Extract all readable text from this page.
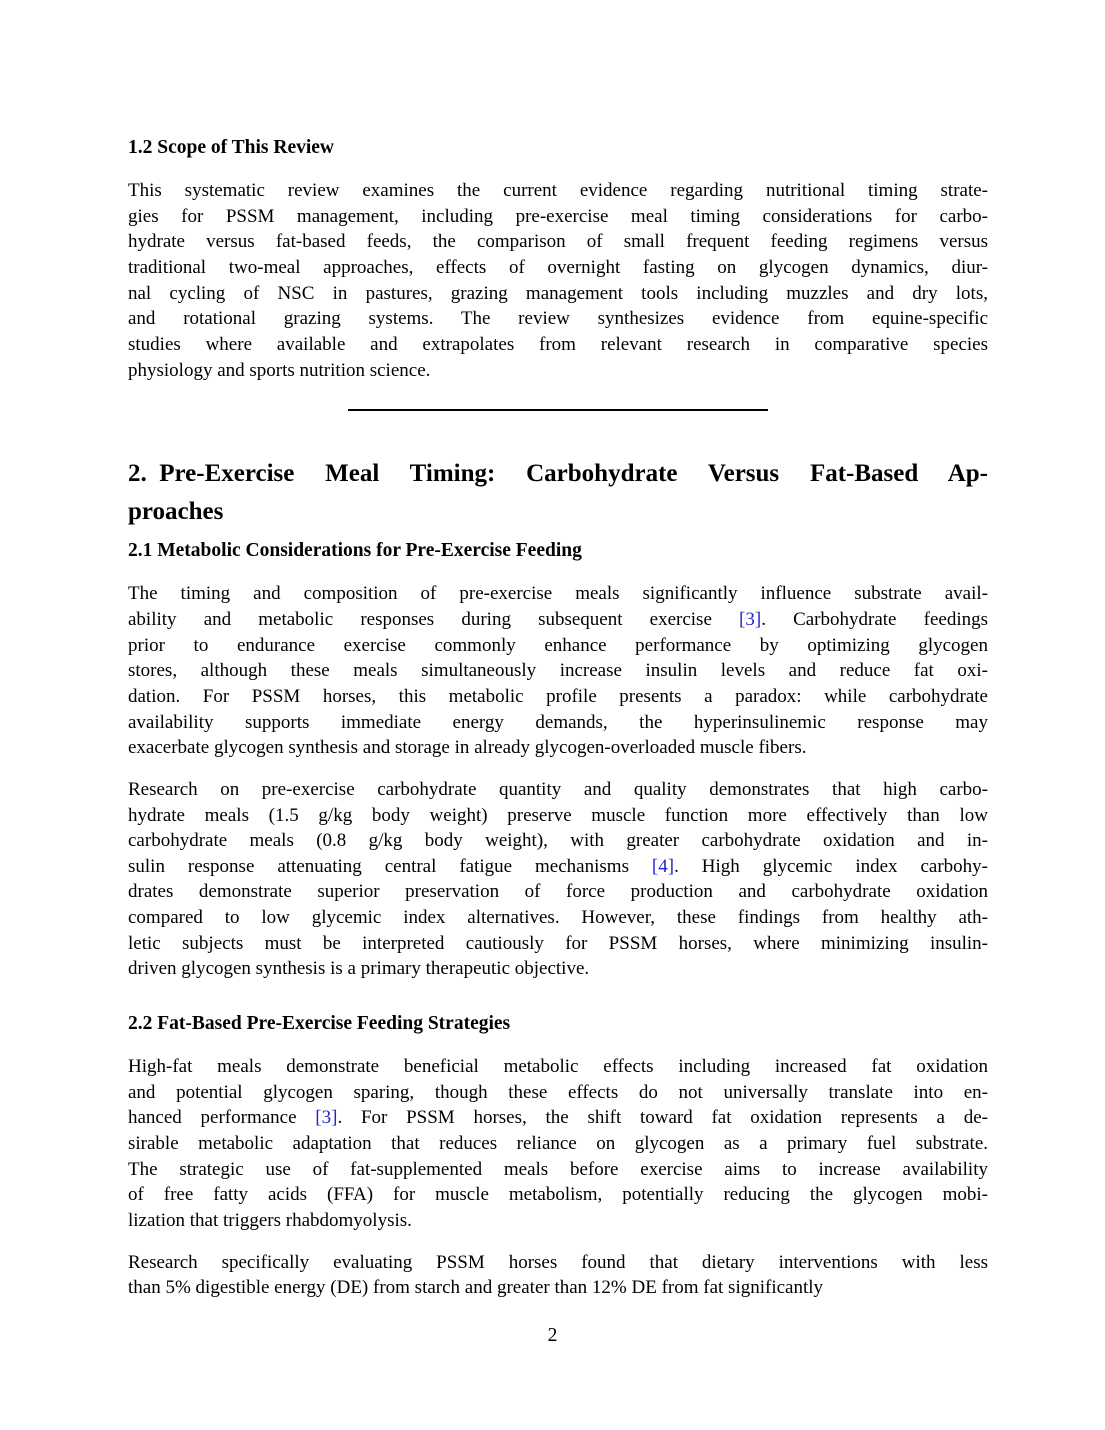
1.2 Scope of This Review
This systematic review examines the current evidence regarding nutritional timing strate-
gies for PSSM management, including pre-exercise meal timing considerations for carbo-
hydrate versus fat-based feeds, the comparison of small frequent feeding regimens versus
traditional two-meal approaches, effects of overnight fasting on glycogen dynamics, diur-
nal cycling of NSC in pastures, grazing management tools including muzzles and dry lots,
and rotational grazing systems. The review synthesizes evidence from equine-specific
studies where available and extrapolates from relevant research in comparative species
physiology and sports nutrition science.
2. Pre-Exercise Meal Timing: Carbohydrate Versus Fat-Based Ap-
proaches
2.1 Metabolic Considerations for Pre-Exercise Feeding
The timing and composition of pre-exercise meals significantly influence substrate avail-
ability and metabolic responses during subsequent exercise [3]. Carbohydrate feedings
prior to endurance exercise commonly enhance performance by optimizing glycogen
stores, although these meals simultaneously increase insulin levels and reduce fat oxi-
dation. For PSSM horses, this metabolic profile presents a paradox: while carbohydrate
availability supports immediate energy demands, the hyperinsulinemic response may
exacerbate glycogen synthesis and storage in already glycogen-overloaded muscle fibers.
Research on pre-exercise carbohydrate quantity and quality demonstrates that high carbo-
hydrate meals (1.5 g/kg body weight) preserve muscle function more effectively than low
carbohydrate meals (0.8 g/kg body weight), with greater carbohydrate oxidation and in-
sulin response attenuating central fatigue mechanisms [4]. High glycemic index carbohy-
drates demonstrate superior preservation of force production and carbohydrate oxidation
compared to low glycemic index alternatives. However, these findings from healthy ath-
letic subjects must be interpreted cautiously for PSSM horses, where minimizing insulin-
driven glycogen synthesis is a primary therapeutic objective.
2.2 Fat-Based Pre-Exercise Feeding Strategies
High-fat meals demonstrate beneficial metabolic effects including increased fat oxidation
and potential glycogen sparing, though these effects do not universally translate into en-
hanced performance [3]. For PSSM horses, the shift toward fat oxidation represents a de-
sirable metabolic adaptation that reduces reliance on glycogen as a primary fuel substrate.
The strategic use of fat-supplemented meals before exercise aims to increase availability
of free fatty acids (FFA) for muscle metabolism, potentially reducing the glycogen mobi-
lization that triggers rhabdomyolysis.
Research specifically evaluating PSSM horses found that dietary interventions with less
than 5% digestible energy (DE) from starch and greater than 12% DE from fat significantly
2
